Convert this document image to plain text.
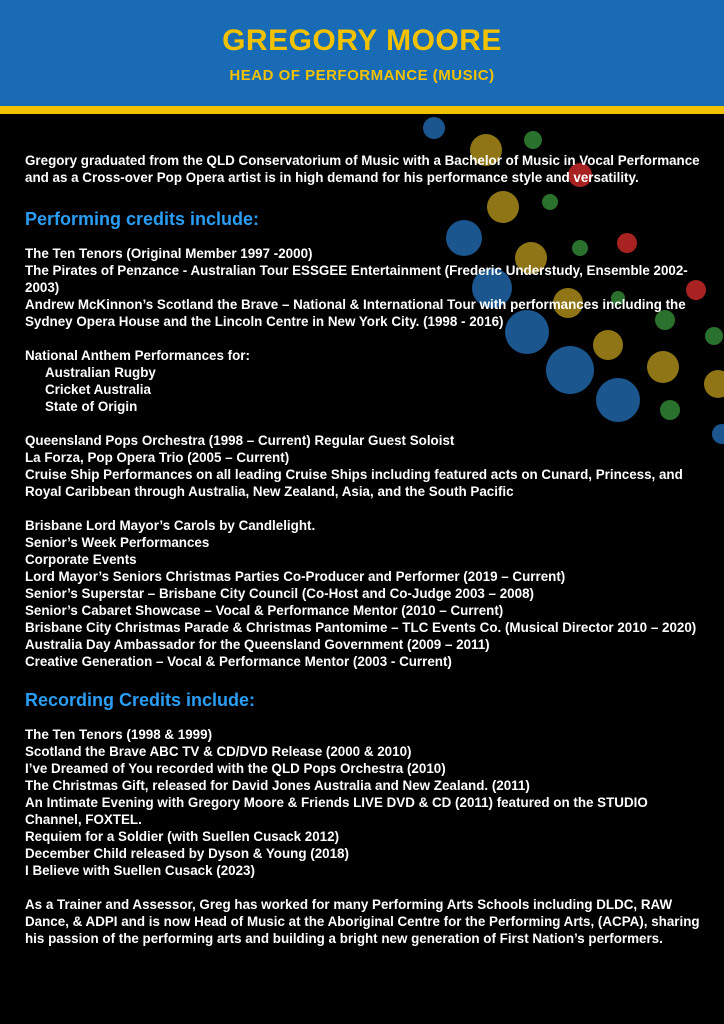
GREGORY MOORE
HEAD OF PERFORMANCE (MUSIC)
Gregory graduated from the QLD Conservatorium of Music with a Bachelor of Music in Vocal Performance and as a Cross-over Pop Opera artist is in high demand for his performance style and versatility.
Performing credits include:
The Ten Tenors (Original Member 1997 -2000)
The Pirates of Penzance - Australian Tour ESSGEE Entertainment (Frederic Understudy, Ensemble 2002-2003)
Andrew McKinnon’s Scotland the Brave – National & International Tour with performances including the Sydney Opera House and the Lincoln Centre in New York City. (1998 - 2016)
National Anthem Performances for:
Australian Rugby
Cricket Australia
State of Origin
Queensland Pops Orchestra (1998 – Current) Regular Guest Soloist
La Forza, Pop Opera Trio (2005 – Current)
Cruise Ship Performances on all leading Cruise Ships including featured acts on Cunard, Princess, and Royal Caribbean through Australia, New Zealand, Asia, and the South Pacific
Brisbane Lord Mayor’s Carols by Candlelight.
Senior’s Week Performances
Corporate Events
Lord Mayor’s Seniors Christmas Parties Co-Producer and Performer (2019 – Current)
Senior’s Superstar – Brisbane City Council (Co-Host and Co-Judge 2003 – 2008)
Senior’s Cabaret Showcase – Vocal & Performance Mentor (2010 – Current)
Brisbane City Christmas Parade & Christmas Pantomime – TLC Events Co. (Musical Director 2010 – 2020)
Australia Day Ambassador for the Queensland Government (2009 – 2011)
Creative Generation – Vocal & Performance Mentor (2003 - Current)
Recording Credits include:
The Ten Tenors (1998 & 1999)
Scotland the Brave ABC TV & CD/DVD Release (2000 & 2010)
I’ve Dreamed of You recorded with the QLD Pops Orchestra (2010)
The Christmas Gift, released for David Jones Australia and New Zealand. (2011)
An Intimate Evening with Gregory Moore & Friends LIVE DVD & CD (2011) featured on the STUDIO Channel, FOXTEL.
Requiem for a Soldier (with Suellen Cusack 2012)
December Child released by Dyson & Young (2018)
I Believe with Suellen Cusack (2023)
As a Trainer and Assessor, Greg has worked for many Performing Arts Schools including DLDC, RAW Dance, & ADPI and is now Head of Music at the Aboriginal Centre for the Performing Arts, (ACPA), sharing his passion of the performing arts and building a bright new generation of First Nation’s performers.
